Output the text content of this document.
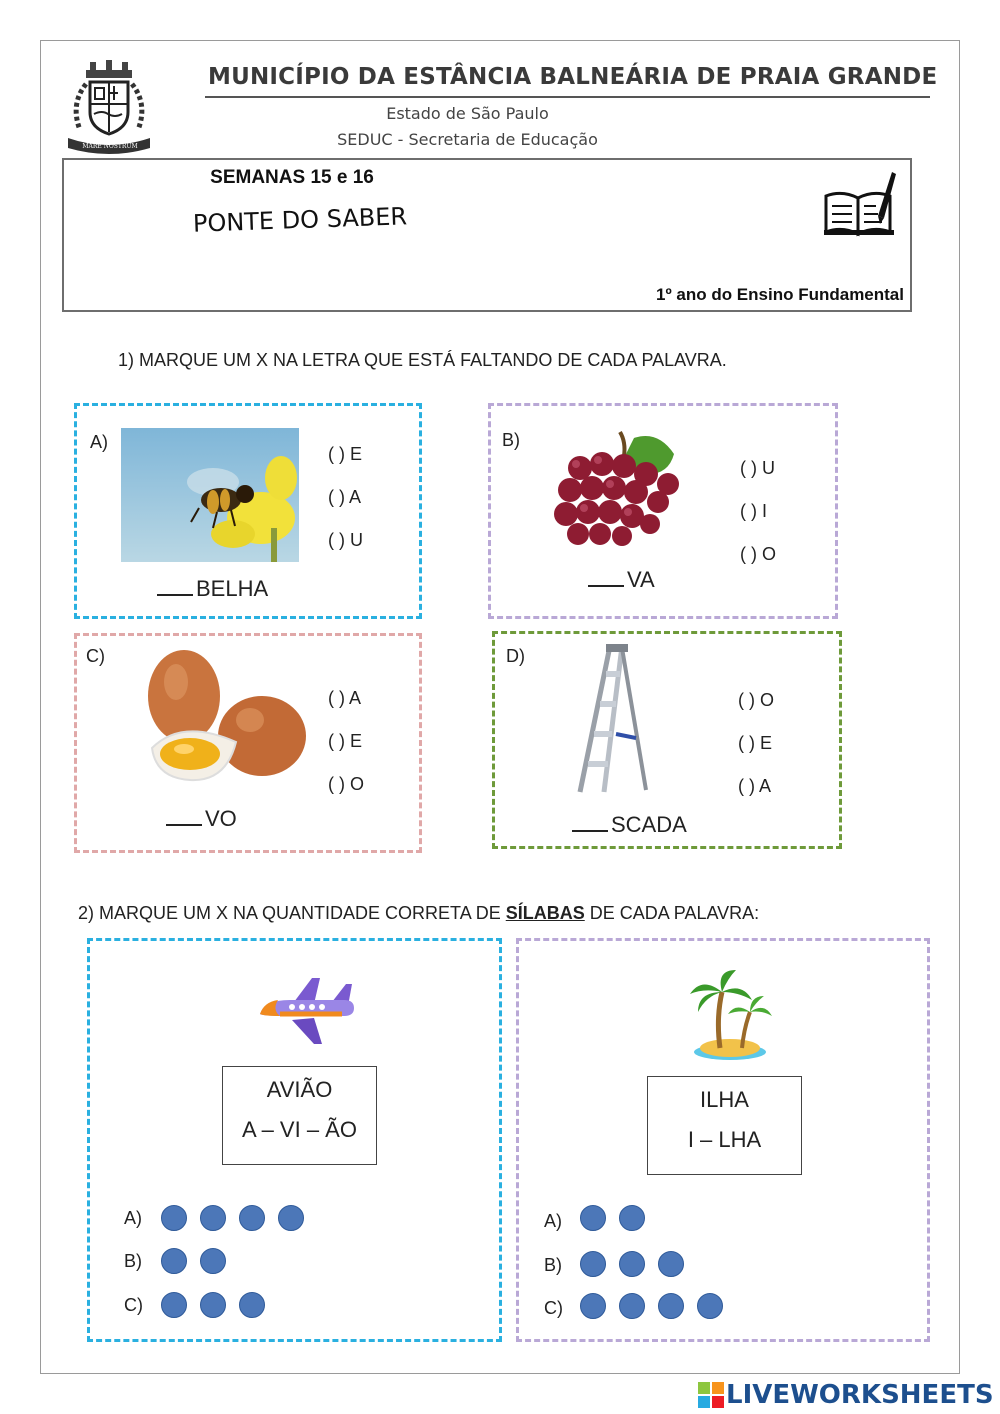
MARE NOSTRUM
MUNICÍPIO DA ESTÂNCIA BALNEÁRIA DE PRAIA GRANDE
Estado de São Paulo
SEDUC - Secretaria de Educação
SEMANAS 15 e 16
PONTE DO SABER
1º ano do Ensino Fundamental
1) MARQUE UM X NA LETRA QUE ESTÁ FALTANDO DE CADA PALAVRA.
A)
( ) E
( ) A
( ) U
BELHA
B)
( ) U
( ) I
( ) O
VA
C)
( ) A
( ) E
( ) O
VO
D)
( ) O
( ) E
( ) A
SCADA
2) MARQUE UM X NA QUANTIDADE CORRETA DE SÍLABAS DE CADA PALAVRA:
AVIÃO
A – VI – ÃO
A)
B)
C)
ILHA
I – LHA
A)
B)
C)
LIVEWORKSHEETS
